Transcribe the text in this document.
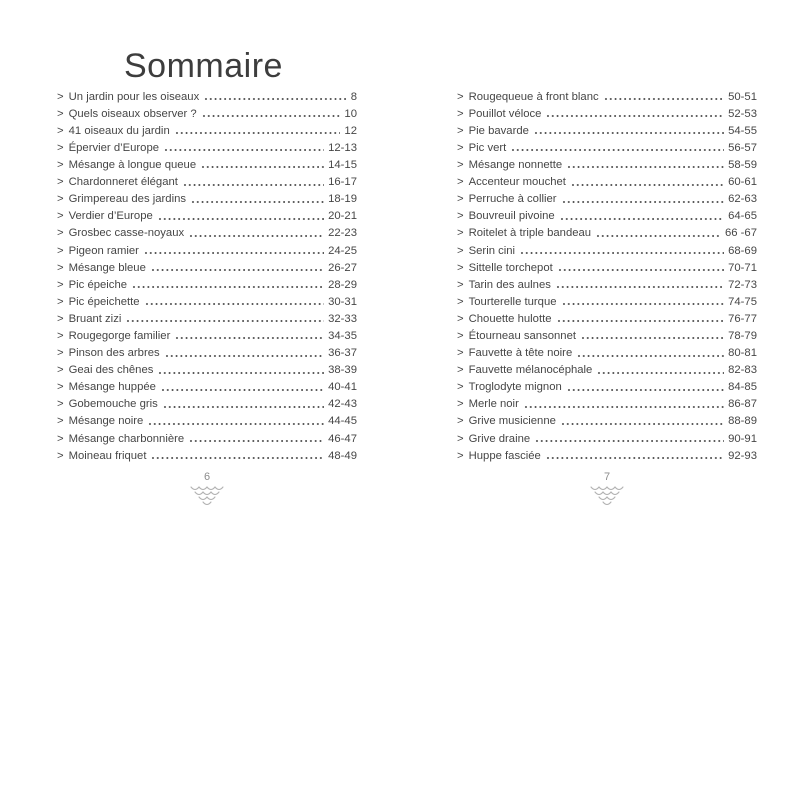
Sommaire
> Un jardin pour les oiseaux	8
> Quels oiseaux observer ?	10
> 41 oiseaux du jardin	12
> Épervier d’Europe	12-13
> Mésange à longue queue	14-15
> Chardonneret élégant	16-17
> Grimpereau des jardins	18-19
> Verdier d’Europe	20-21
> Grosbec casse-noyaux	22-23
> Pigeon ramier	24-25
> Mésange bleue	26-27
> Pic épeiche	28-29
> Pic épeichette	30-31
> Bruant zizi	32-33
> Rougegorge familier	34-35
> Pinson des arbres	36-37
> Geai des chênes	38-39
> Mésange huppée	40-41
> Gobemouche gris	42-43
> Mésange noire	44-45
> Mésange charbonnière	46-47
> Moineau friquet	48-49
> Rougequeue à front blanc	50-51
> Pouillot véloce	52-53
> Pie bavarde	54-55
> Pic vert	56-57
> Mésange nonnette	58-59
> Accenteur mouchet	60-61
> Perruche à collier	62-63
> Bouvreuil pivoine	64-65
> Roitelet à triple bandeau	66 -67
> Serin cini	68-69
> Sittelle torchepot	70-71
> Tarin des aulnes	72-73
> Tourterelle turque	74-75
> Chouette hulotte	76-77
> Étourneau sansonnet	78-79
> Fauvette à tête noire	80-81
> Fauvette mélanocéphale	82-83
> Troglodyte mignon	84-85
> Merle noir	86-87
> Grive musicienne	88-89
> Grive draine	90-91
> Huppe fasciée	92-93
6	7
